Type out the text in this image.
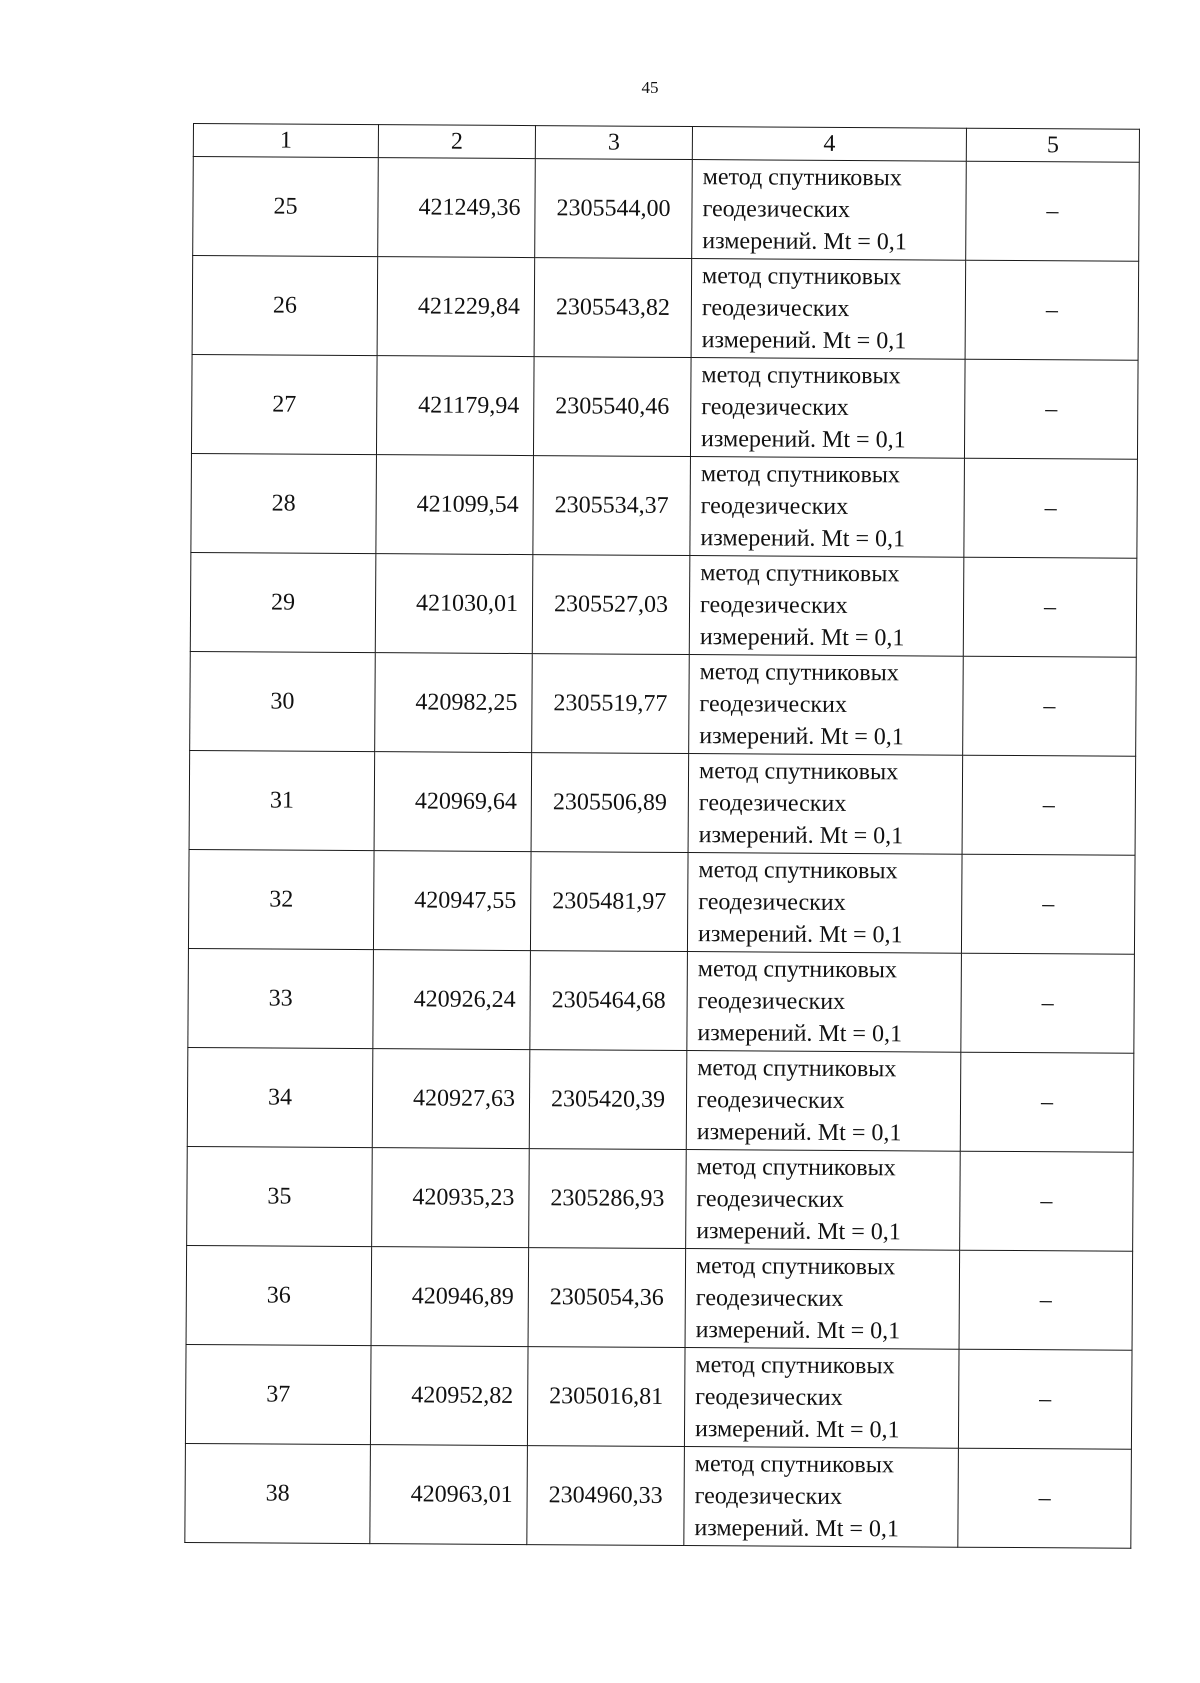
45
1	2	3	4	5
25	421249,36	2305544,00	метод спутниковых
геодезических
измерений. Mt = 0,1	–
26	421229,84	2305543,82	метод спутниковых
геодезических
измерений. Mt = 0,1	–
27	421179,94	2305540,46	метод спутниковых
геодезических
измерений. Mt = 0,1	–
28	421099,54	2305534,37	метод спутниковых
геодезических
измерений. Mt = 0,1	–
29	421030,01	2305527,03	метод спутниковых
геодезических
измерений. Mt = 0,1	–
30	420982,25	2305519,77	метод спутниковых
геодезических
измерений. Mt = 0,1	–
31	420969,64	2305506,89	метод спутниковых
геодезических
измерений. Mt = 0,1	–
32	420947,55	2305481,97	метод спутниковых
геодезических
измерений. Mt = 0,1	–
33	420926,24	2305464,68	метод спутниковых
геодезических
измерений. Mt = 0,1	–
34	420927,63	2305420,39	метод спутниковых
геодезических
измерений. Mt = 0,1	–
35	420935,23	2305286,93	метод спутниковых
геодезических
измерений. Mt = 0,1	–
36	420946,89	2305054,36	метод спутниковых
геодезических
измерений. Mt = 0,1	–
37	420952,82	2305016,81	метод спутниковых
геодезических
измерений. Mt = 0,1	–
38	420963,01	2304960,33	метод спутниковых
геодезических
измерений. Mt = 0,1	–
